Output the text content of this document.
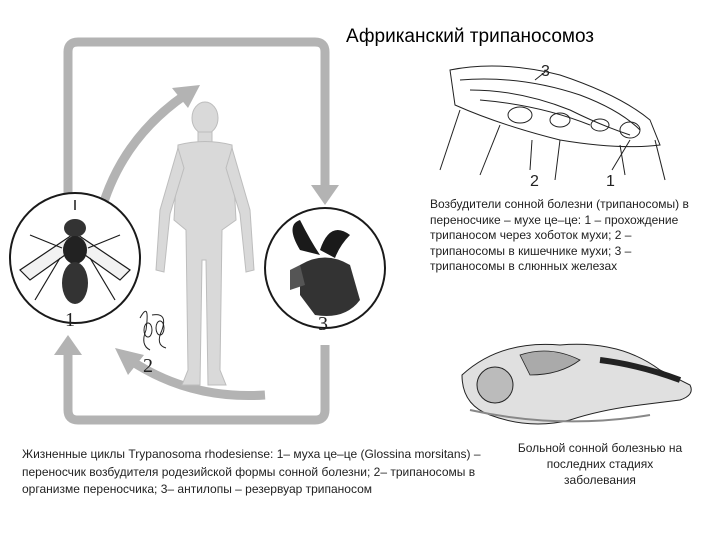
Африканский трипаносомоз
3
2	1
1
2
3
Возбудители сонной болезни (трипаносомы) в переносчике – мухе це–це: 1 – прохождение трипаносом через хоботок мухи; 2 – трипаносомы в кишечнике мухи; 3 – трипаносомы в слюнных железах
Жизненные циклы Trypanosoma rhodesiense: 1– муха це–це (Glossina morsitans) – переносчик возбудителя родезийской формы сонной болезни; 2– трипаносомы в организме переносчика; 3– антилопы – резервуар трипаносом
Больной сонной болезнью на последних стадиях заболевания
